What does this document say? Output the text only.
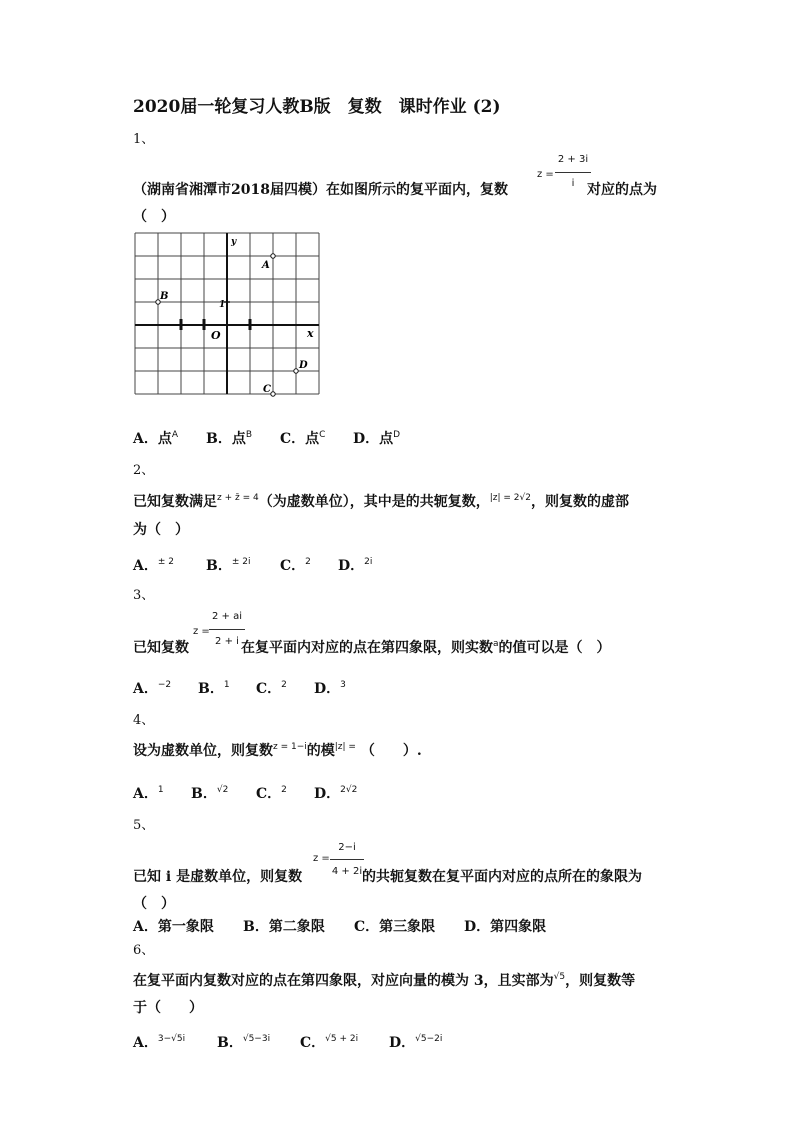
2020届一轮复习人教B版　复数　课时作业 (2)
1、
z =
2 + 3i
i
（湖南省湘潭市2018届四模）在如图所示的复平面内，复数	对应的点为
（　）
1
x
y
O
A
B
C
D
A．点$^A$ B．点$^B$ C．点$^C$ D．点$^D$
2、
已知复数满足$^{z + z̄ = 4}$（为虚数单位），其中是的共轭复数，$^{|z| = 2√2}$，则复数的虚部
为（　）
A．$^{\pm 2}$ B．$^{\pm 2i}$ C．$^2$ D．$^{2i}$
3、
z =
2 + ai
2 + i
已知复数	在复平面内对应的点在第四象限，则实数$^a$的值可以是（　）
A．$^{-2}$ B．$^1$ C．$^2$ D．$^3$
4、
设为虚数单位，则复数$^{z = 1-i}$的模$^{|z| =}$ （　　）.
A．$^1$ B．$^{√2}$ C．$^2$ D．$^{2√2}$
5、
z =
2−i
4 + 2i
已知 i 是虚数单位，则复数	的共轭复数在复平面内对应的点所在的象限为
（　）
A．第一象限 B．第二象限 C．第三象限 D．第四象限
6、
在复平面内复数对应的点在第四象限，对应向量的模为 3，且实部为$^{√5}$，则复数等
于（　　）
A．$^{3-√5i}$ B．$^{√5-3i}$ C．$^{√5 + 2i}$ D．$^{√5-2i}$
